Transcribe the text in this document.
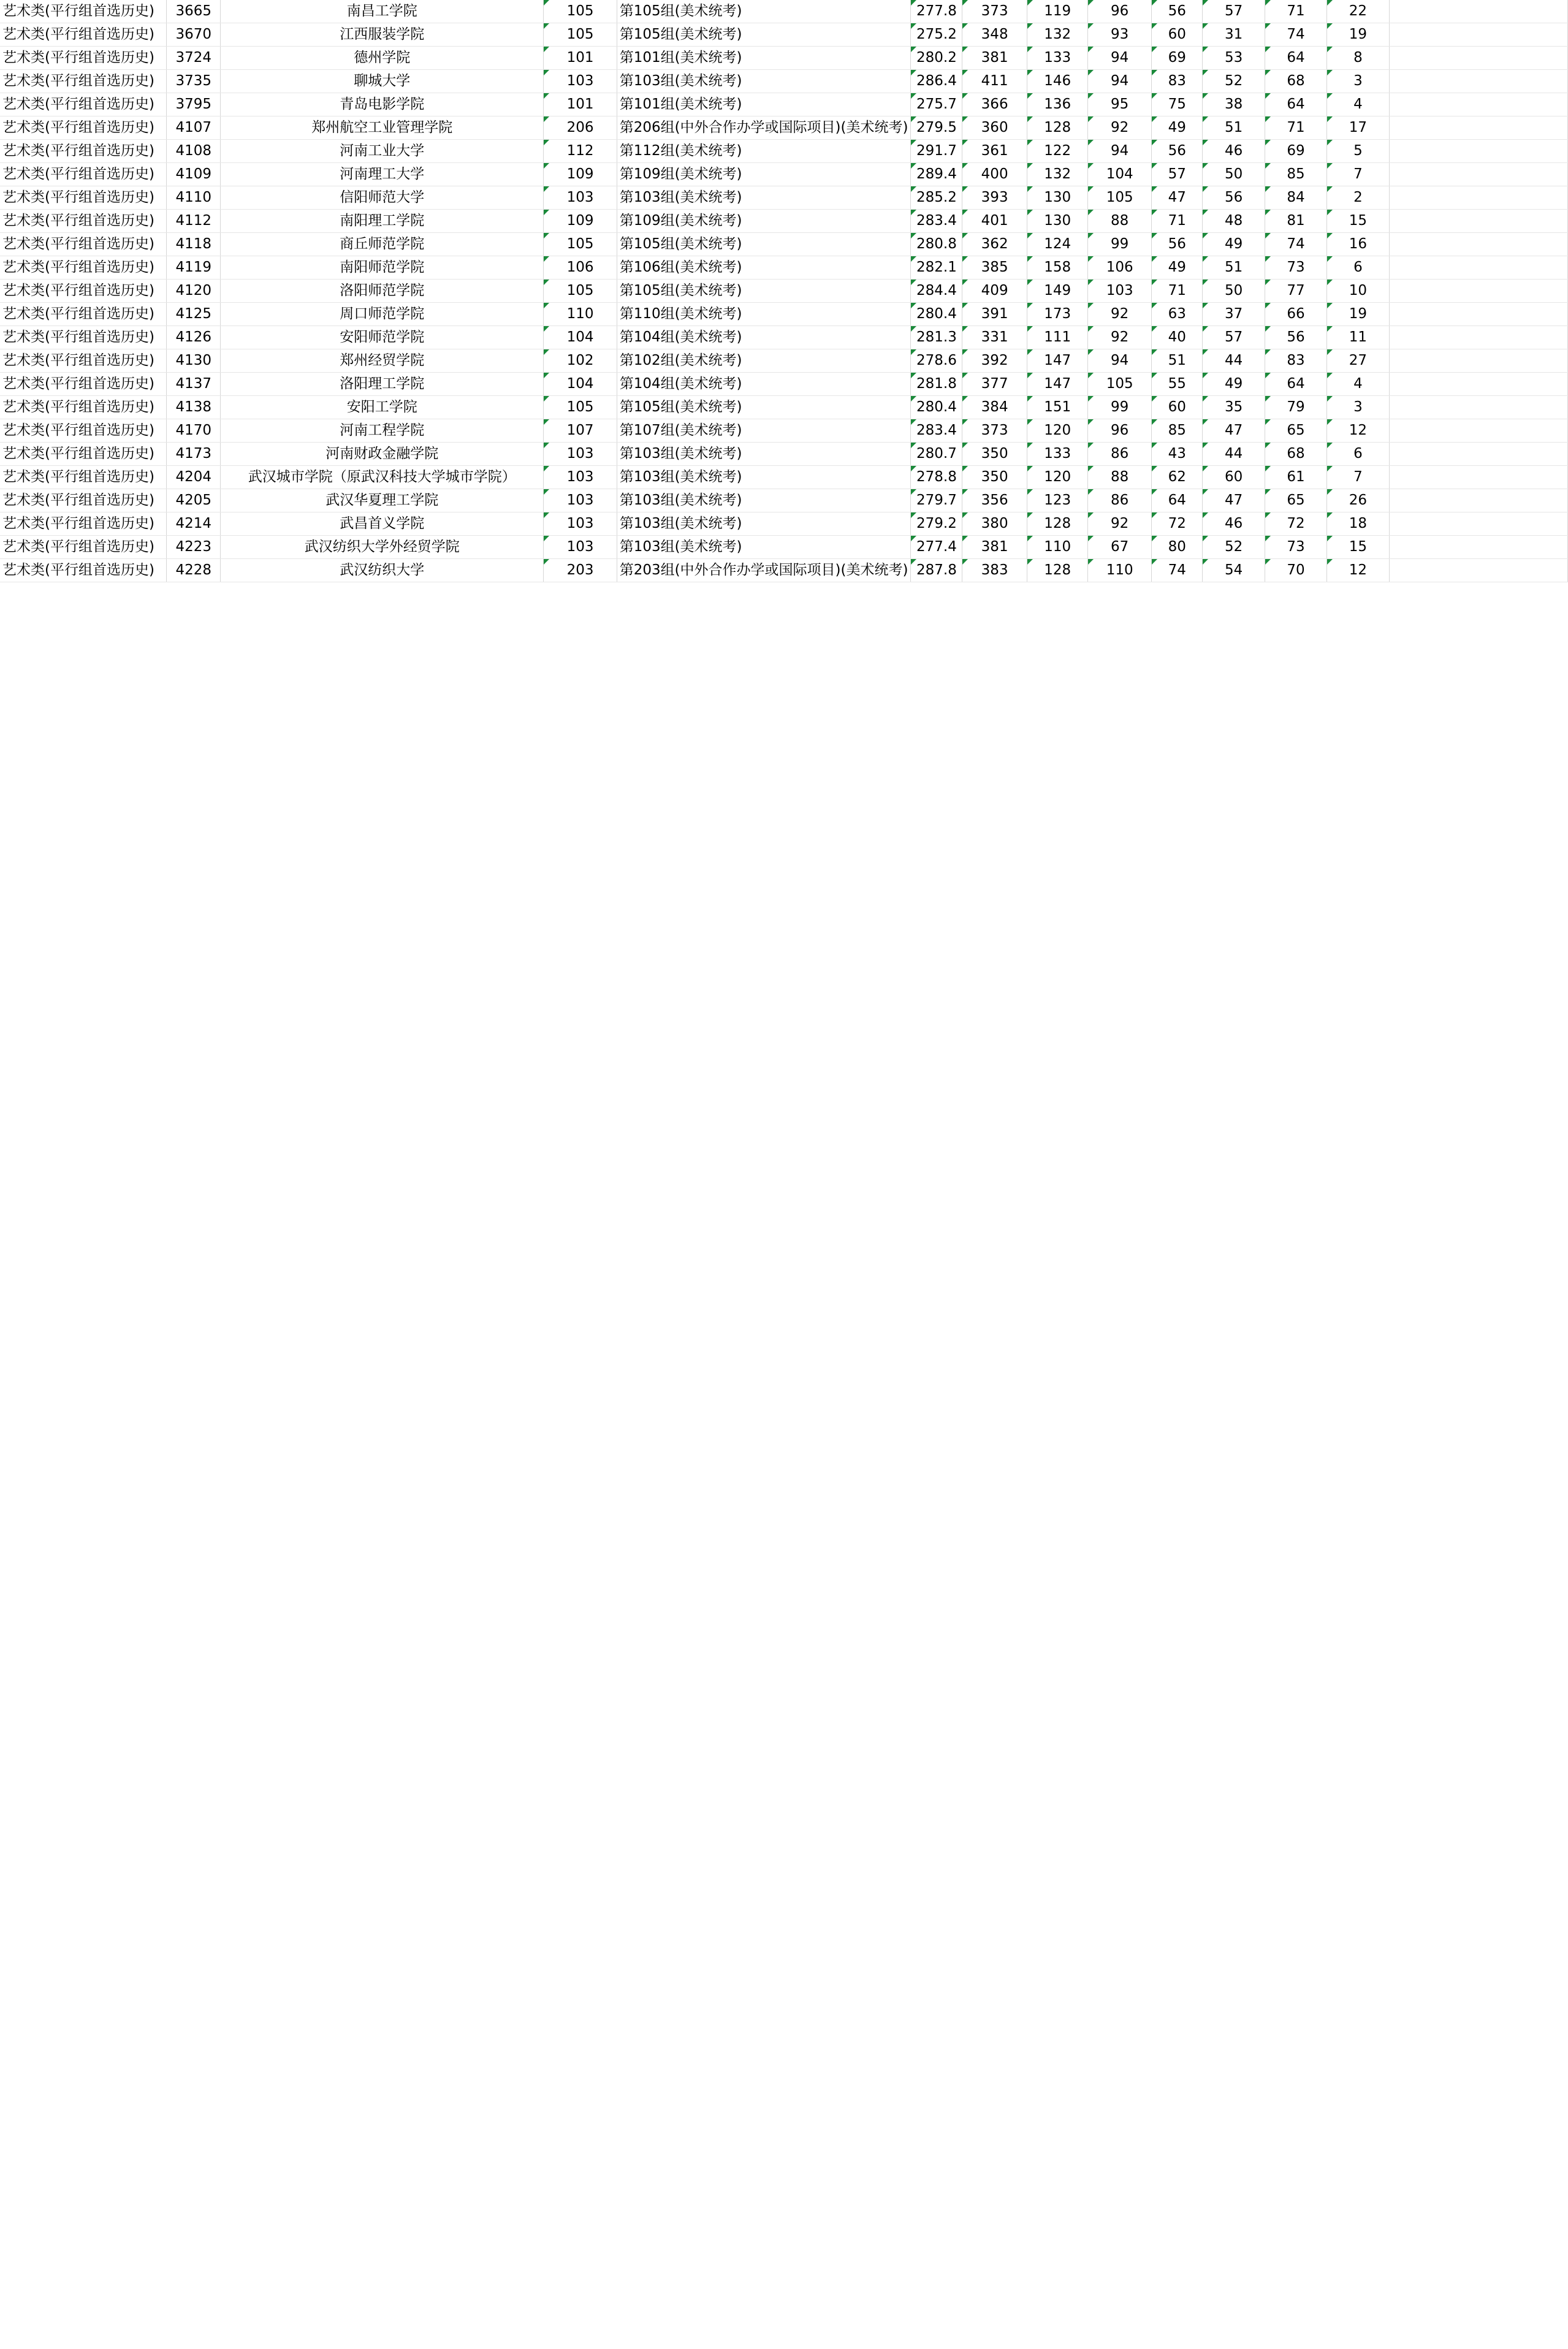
艺术类(平行组首选历史)	3665	南昌工学院	105	第105组(美术统考)	277.8	373	119	96	56	57	71	22	
艺术类(平行组首选历史)	3670	江西服装学院	105	第105组(美术统考)	275.2	348	132	93	60	31	74	19	
艺术类(平行组首选历史)	3724	德州学院	101	第101组(美术统考)	280.2	381	133	94	69	53	64	8	
艺术类(平行组首选历史)	3735	聊城大学	103	第103组(美术统考)	286.4	411	146	94	83	52	68	3	
艺术类(平行组首选历史)	3795	青岛电影学院	101	第101组(美术统考)	275.7	366	136	95	75	38	64	4	
艺术类(平行组首选历史)	4107	郑州航空工业管理学院	206	第206组(中外合作办学或国际项目)(美术统考)	279.5	360	128	92	49	51	71	17	
艺术类(平行组首选历史)	4108	河南工业大学	112	第112组(美术统考)	291.7	361	122	94	56	46	69	5	
艺术类(平行组首选历史)	4109	河南理工大学	109	第109组(美术统考)	289.4	400	132	104	57	50	85	7	
艺术类(平行组首选历史)	4110	信阳师范大学	103	第103组(美术统考)	285.2	393	130	105	47	56	84	2	
艺术类(平行组首选历史)	4112	南阳理工学院	109	第109组(美术统考)	283.4	401	130	88	71	48	81	15	
艺术类(平行组首选历史)	4118	商丘师范学院	105	第105组(美术统考)	280.8	362	124	99	56	49	74	16	
艺术类(平行组首选历史)	4119	南阳师范学院	106	第106组(美术统考)	282.1	385	158	106	49	51	73	6	
艺术类(平行组首选历史)	4120	洛阳师范学院	105	第105组(美术统考)	284.4	409	149	103	71	50	77	10	
艺术类(平行组首选历史)	4125	周口师范学院	110	第110组(美术统考)	280.4	391	173	92	63	37	66	19	
艺术类(平行组首选历史)	4126	安阳师范学院	104	第104组(美术统考)	281.3	331	111	92	40	57	56	11	
艺术类(平行组首选历史)	4130	郑州经贸学院	102	第102组(美术统考)	278.6	392	147	94	51	44	83	27	
艺术类(平行组首选历史)	4137	洛阳理工学院	104	第104组(美术统考)	281.8	377	147	105	55	49	64	4	
艺术类(平行组首选历史)	4138	安阳工学院	105	第105组(美术统考)	280.4	384	151	99	60	35	79	3	
艺术类(平行组首选历史)	4170	河南工程学院	107	第107组(美术统考)	283.4	373	120	96	85	47	65	12	
艺术类(平行组首选历史)	4173	河南财政金融学院	103	第103组(美术统考)	280.7	350	133	86	43	44	68	6	
艺术类(平行组首选历史)	4204	武汉城市学院（原武汉科技大学城市学院）	103	第103组(美术统考)	278.8	350	120	88	62	60	61	7	
艺术类(平行组首选历史)	4205	武汉华夏理工学院	103	第103组(美术统考)	279.7	356	123	86	64	47	65	26	
艺术类(平行组首选历史)	4214	武昌首义学院	103	第103组(美术统考)	279.2	380	128	92	72	46	72	18	
艺术类(平行组首选历史)	4223	武汉纺织大学外经贸学院	103	第103组(美术统考)	277.4	381	110	67	80	52	73	15	
艺术类(平行组首选历史)	4228	武汉纺织大学	203	第203组(中外合作办学或国际项目)(美术统考)	287.8	383	128	110	74	54	70	12	
